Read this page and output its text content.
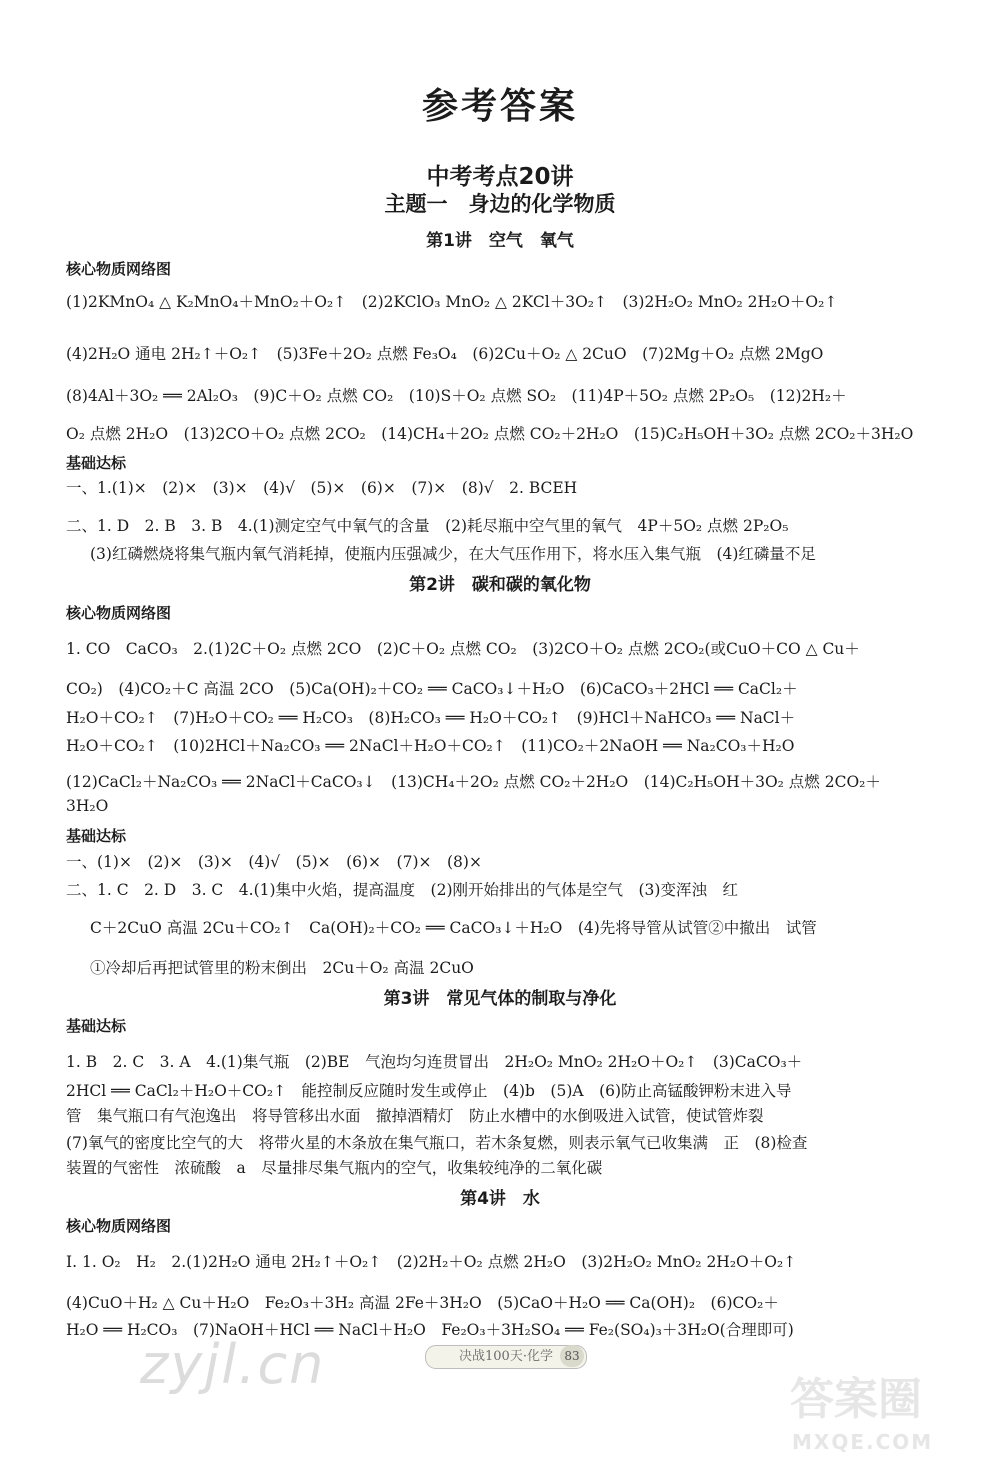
参考答案
中考考点20讲
主题一　身边的化学物质
第1讲　空气　氧气
核心物质网络图
(1)2KMnO₄ △ K₂MnO₄＋MnO₂＋O₂↑　(2)2KClO₃ MnO₂ △ 2KCl＋3O₂↑　(3)2H₂O₂ MnO₂ 2H₂O＋O₂↑
(4)2H₂O 通电 2H₂↑＋O₂↑　(5)3Fe＋2O₂ 点燃 Fe₃O₄　(6)2Cu＋O₂ △ 2CuO　(7)2Mg＋O₂ 点燃 2MgO
(8)4Al＋3O₂ ══ 2Al₂O₃　(9)C＋O₂ 点燃 CO₂　(10)S＋O₂ 点燃 SO₂　(11)4P＋5O₂ 点燃 2P₂O₅　(12)2H₂＋
O₂ 点燃 2H₂O　(13)2CO＋O₂ 点燃 2CO₂　(14)CH₄＋2O₂ 点燃 CO₂＋2H₂O　(15)C₂H₅OH＋3O₂ 点燃 2CO₂＋3H₂O
基础达标
一、1.(1)×　(2)×　(3)×　(4)√　(5)×　(6)×　(7)×　(8)√　2. BCEH
二、1. D　2. B　3. B　4.(1)测定空气中氧气的含量　(2)耗尽瓶中空气里的氧气　4P＋5O₂ 点燃 2P₂O₅
(3)红磷燃烧将集气瓶内氧气消耗掉，使瓶内压强减少，在大气压作用下，将水压入集气瓶　(4)红磷量不足
第2讲　碳和碳的氧化物
核心物质网络图
1. CO　CaCO₃　2.(1)2C＋O₂ 点燃 2CO　(2)C＋O₂ 点燃 CO₂　(3)2CO＋O₂ 点燃 2CO₂(或CuO＋CO △ Cu＋
CO₂)　(4)CO₂＋C 高温 2CO　(5)Ca(OH)₂＋CO₂ ══ CaCO₃↓＋H₂O　(6)CaCO₃＋2HCl ══ CaCl₂＋
H₂O＋CO₂↑　(7)H₂O＋CO₂ ══ H₂CO₃　(8)H₂CO₃ ══ H₂O＋CO₂↑　(9)HCl＋NaHCO₃ ══ NaCl＋
H₂O＋CO₂↑　(10)2HCl＋Na₂CO₃ ══ 2NaCl＋H₂O＋CO₂↑　(11)CO₂＋2NaOH ══ Na₂CO₃＋H₂O
(12)CaCl₂＋Na₂CO₃ ══ 2NaCl＋CaCO₃↓　(13)CH₄＋2O₂ 点燃 CO₂＋2H₂O　(14)C₂H₅OH＋3O₂ 点燃 2CO₂＋
3H₂O
基础达标
一、(1)×　(2)×　(3)×　(4)√　(5)×　(6)×　(7)×　(8)×
二、1. C　2. D　3. C　4.(1)集中火焰，提高温度　(2)刚开始排出的气体是空气　(3)变浑浊　红
C＋2CuO 高温 2Cu＋CO₂↑　Ca(OH)₂＋CO₂ ══ CaCO₃↓＋H₂O　(4)先将导管从试管②中撤出　试管
①冷却后再把试管里的粉末倒出　2Cu＋O₂ 高温 2CuO
第3讲　常见气体的制取与净化
基础达标
1. B　2. C　3. A　4.(1)集气瓶　(2)BE　气泡均匀连贯冒出　2H₂O₂ MnO₂ 2H₂O＋O₂↑　(3)CaCO₃＋
2HCl ══ CaCl₂＋H₂O＋CO₂↑　能控制反应随时发生或停止　(4)b　(5)A　(6)防止高锰酸钾粉末进入导
管　集气瓶口有气泡逸出　将导管移出水面　撤掉酒精灯　防止水槽中的水倒吸进入试管，使试管炸裂
(7)氧气的密度比空气的大　将带火星的木条放在集气瓶口，若木条复燃，则表示氧气已收集满　正　(8)检查
装置的气密性　浓硫酸　a　尽量排尽集气瓶内的空气，收集较纯净的二氧化碳
第4讲　水
核心物质网络图
Ⅰ. 1. O₂　H₂　2.(1)2H₂O 通电 2H₂↑＋O₂↑　(2)2H₂＋O₂ 点燃 2H₂O　(3)2H₂O₂ MnO₂ 2H₂O＋O₂↑
(4)CuO＋H₂ △ Cu＋H₂O　Fe₂O₃＋3H₂ 高温 2Fe＋3H₂O　(5)CaO＋H₂O ══ Ca(OH)₂　(6)CO₂＋
H₂O ══ H₂CO₃　(7)NaOH＋HCl ══ NaCl＋H₂O　Fe₂O₃＋3H₂SO₄ ══ Fe₂(SO₄)₃＋3H₂O(合理即可)
zyjl.cn	决战100天·化学 83
答案圈
MXQE.COM
